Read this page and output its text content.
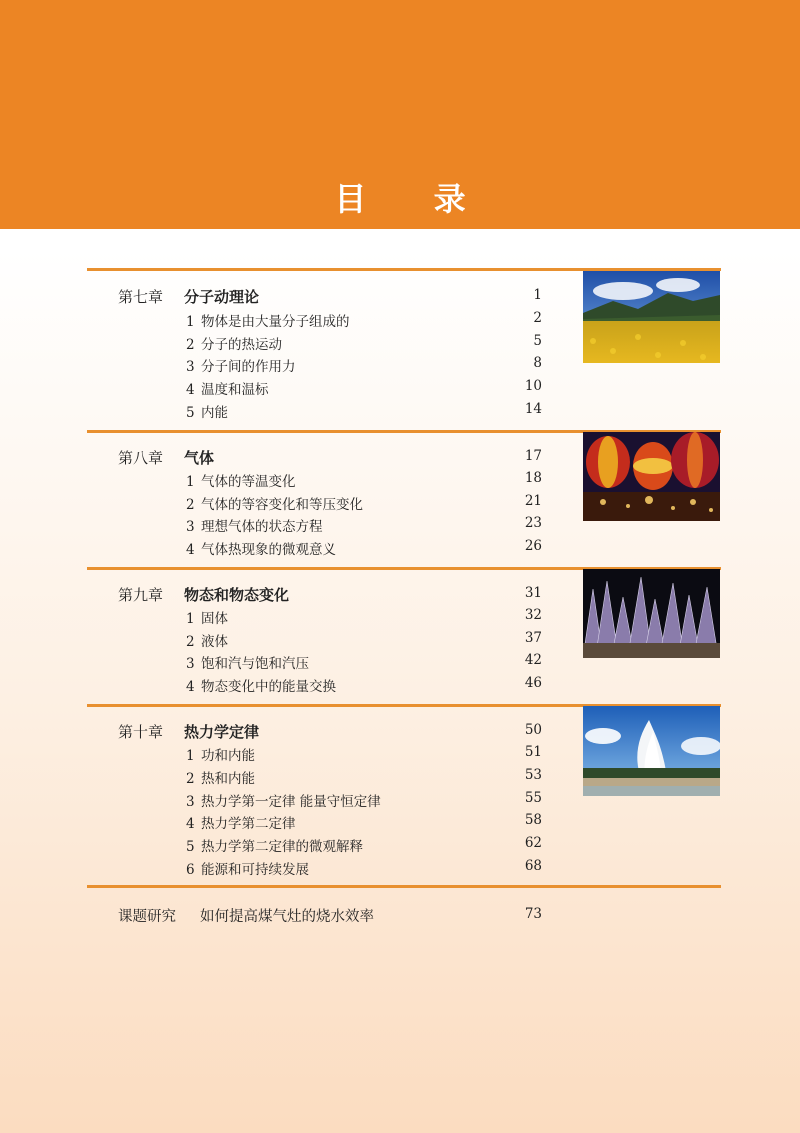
目 录
第七章 分子动理论	1
1 物体是由大量分子组成的	2
2 分子的热运动	5
3 分子间的作用力	8
4 温度和温标	10
5 内能	14
第八章 气体	17
1 气体的等温变化	18
2 气体的等容变化和等压变化	21
3 理想气体的状态方程	23
4 气体热现象的微观意义	26
第九章 物态和物态变化	31
1 固体	32
2 液体	37
3 饱和汽与饱和汽压	42
4 物态变化中的能量交换	46
第十章 热力学定律	50
1 功和内能	51
2 热和内能	53
3 热力学第一定律 能量守恒定律	55
4 热力学第二定律	58
5 热力学第二定律的微观解释	62
6 能源和可持续发展	68
课题研究 如何提高煤气灶的烧水效率	73
